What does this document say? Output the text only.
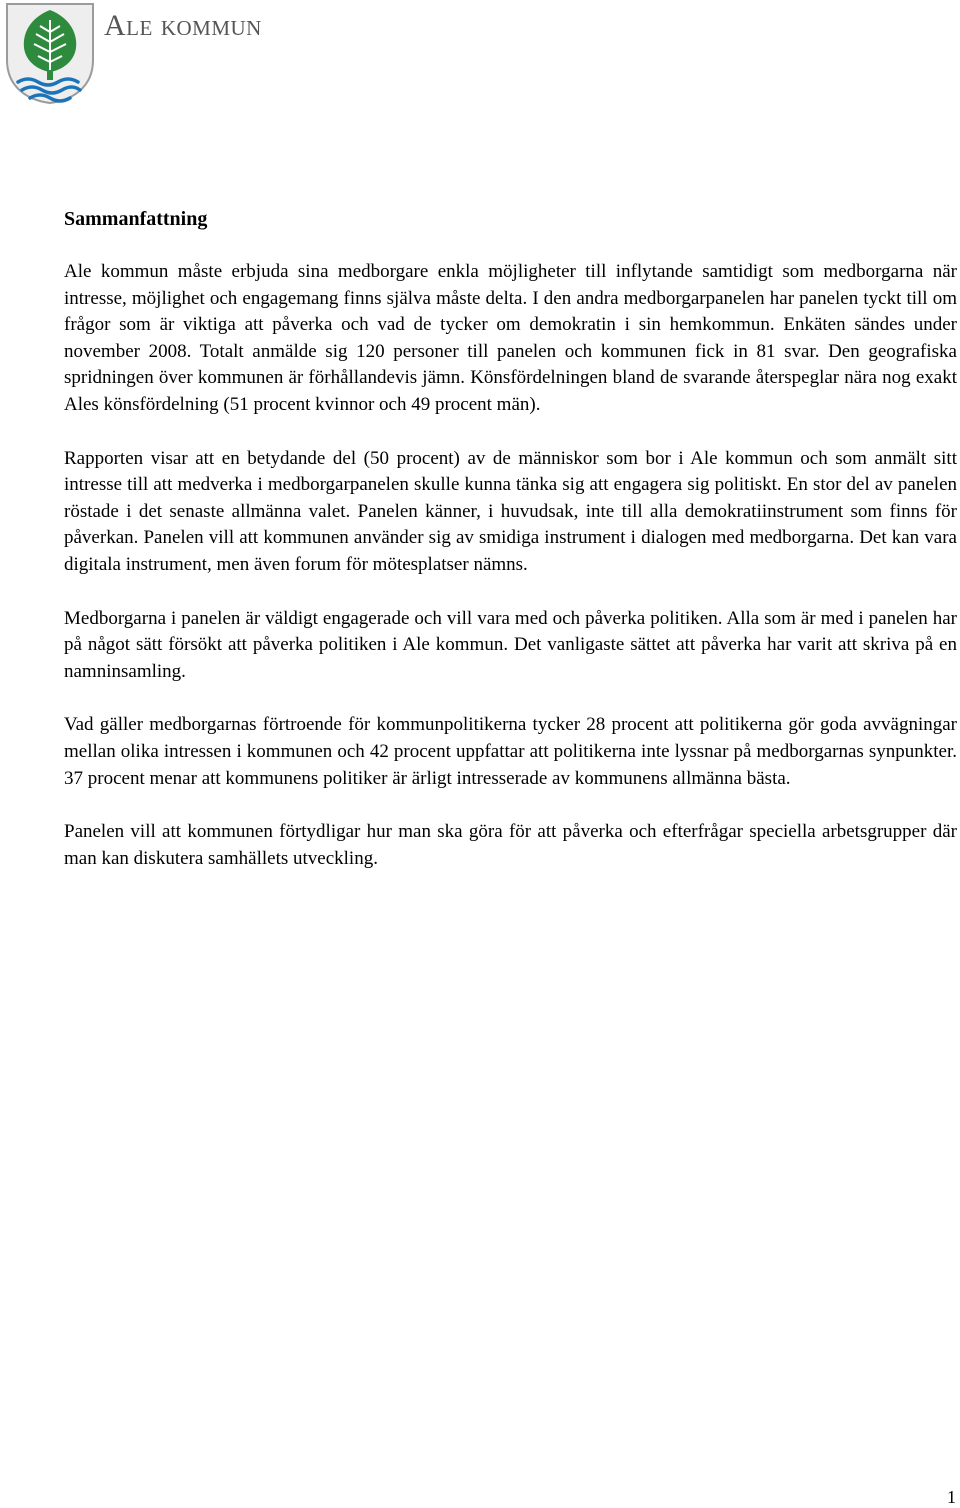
Ale kommun
Sammanfattning

Ale kommun måste erbjuda sina medborgare enkla möjligheter till inflytande samtidigt som medborgarna när intresse, möjlighet och engagemang finns själva måste delta. I den andra medborgarpanelen har panelen tyckt till om frågor som är viktiga att påverka och vad de tycker om demokratin i sin hemkommun. Enkäten sändes under november 2008. Totalt anmälde sig 120 personer till panelen och kommunen fick in 81 svar. Den geografiska spridningen över kommunen är förhållandevis jämn. Könsfördelningen bland de svarande återspeglar nära nog exakt Ales könsfördelning (51 procent kvinnor och 49 procent män).

Rapporten visar att en betydande del (50 procent) av de människor som bor i Ale kommun och som anmält sitt intresse till att medverka i medborgarpanelen skulle kunna tänka sig att engagera sig politiskt. En stor del av panelen röstade i det senaste allmänna valet. Panelen känner, i huvudsak, inte till alla demokratiinstrument som finns för påverkan. Panelen vill att kommunen använder sig av smidiga instrument i dialogen med medborgarna. Det kan vara digitala instrument, men även forum för mötesplatser nämns.

Medborgarna i panelen är väldigt engagerade och vill vara med och påverka politiken. Alla som är med i panelen har på något sätt försökt att påverka politiken i Ale kommun. Det vanligaste sättet att påverka har varit att skriva på en namninsamling.

Vad gäller medborgarnas förtroende för kommunpolitikerna tycker 28 procent att politikerna gör goda avvägningar mellan olika intressen i kommunen och 42 procent uppfattar att politikerna inte lyssnar på medborgarnas synpunkter. 37 procent menar att kommunens politiker är ärligt intresserade av kommunens allmänna bästa.

Panelen vill att kommunen förtydligar hur man ska göra för att påverka och efterfrågar speciella arbetsgrupper där man kan diskutera samhällets utveckling.

1
